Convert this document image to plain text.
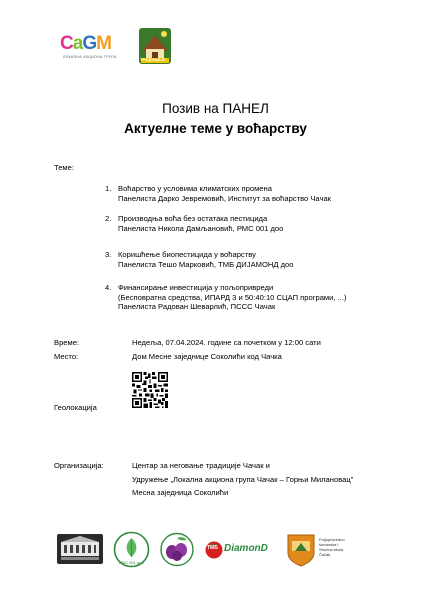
CaGM
ЛОКАЛНА АКЦИОНА ГРУПА
Позив на ПАНЕЛ
Актуелне теме у воћарству
Теме:
1. Воћарство у условима климатских промена
Панелиста Дарко Јевремовић, Институт за воћарство Чачак
2. Производња воћа без остатака пестицида
Панелиста Никола Дамљановић, РМС 001 доо
3. Коришћење биопестицида у воћарству
Панелиста Тешо Марковић, ТМБ ДИЈАМОНД доо
4. Финансирање инвестиција у пољопривреди
(Бесповратна средства, ИПАРД 3 и 50:40:10 СЦАП програми, ...)
Панелиста Радован Шеварлић, ПССС Чачак
Време:	Недеља, 07.04.2024. године са почетком у 12:00 сати
Место:	Дом Месне заједнице Соколићи код Чачка
Геолокација
Организација:	Центар за неговање традиције Чачак и
Удружење „Локална акциона група Чачак – Горњи Милановац”
Месна заједница Соколићи
РМС 001 доо
ТМБ DiamonD
Poljoprivredno
šumarska i
Stručna škola
Čačak
ТРАДИЦИЈЕ
